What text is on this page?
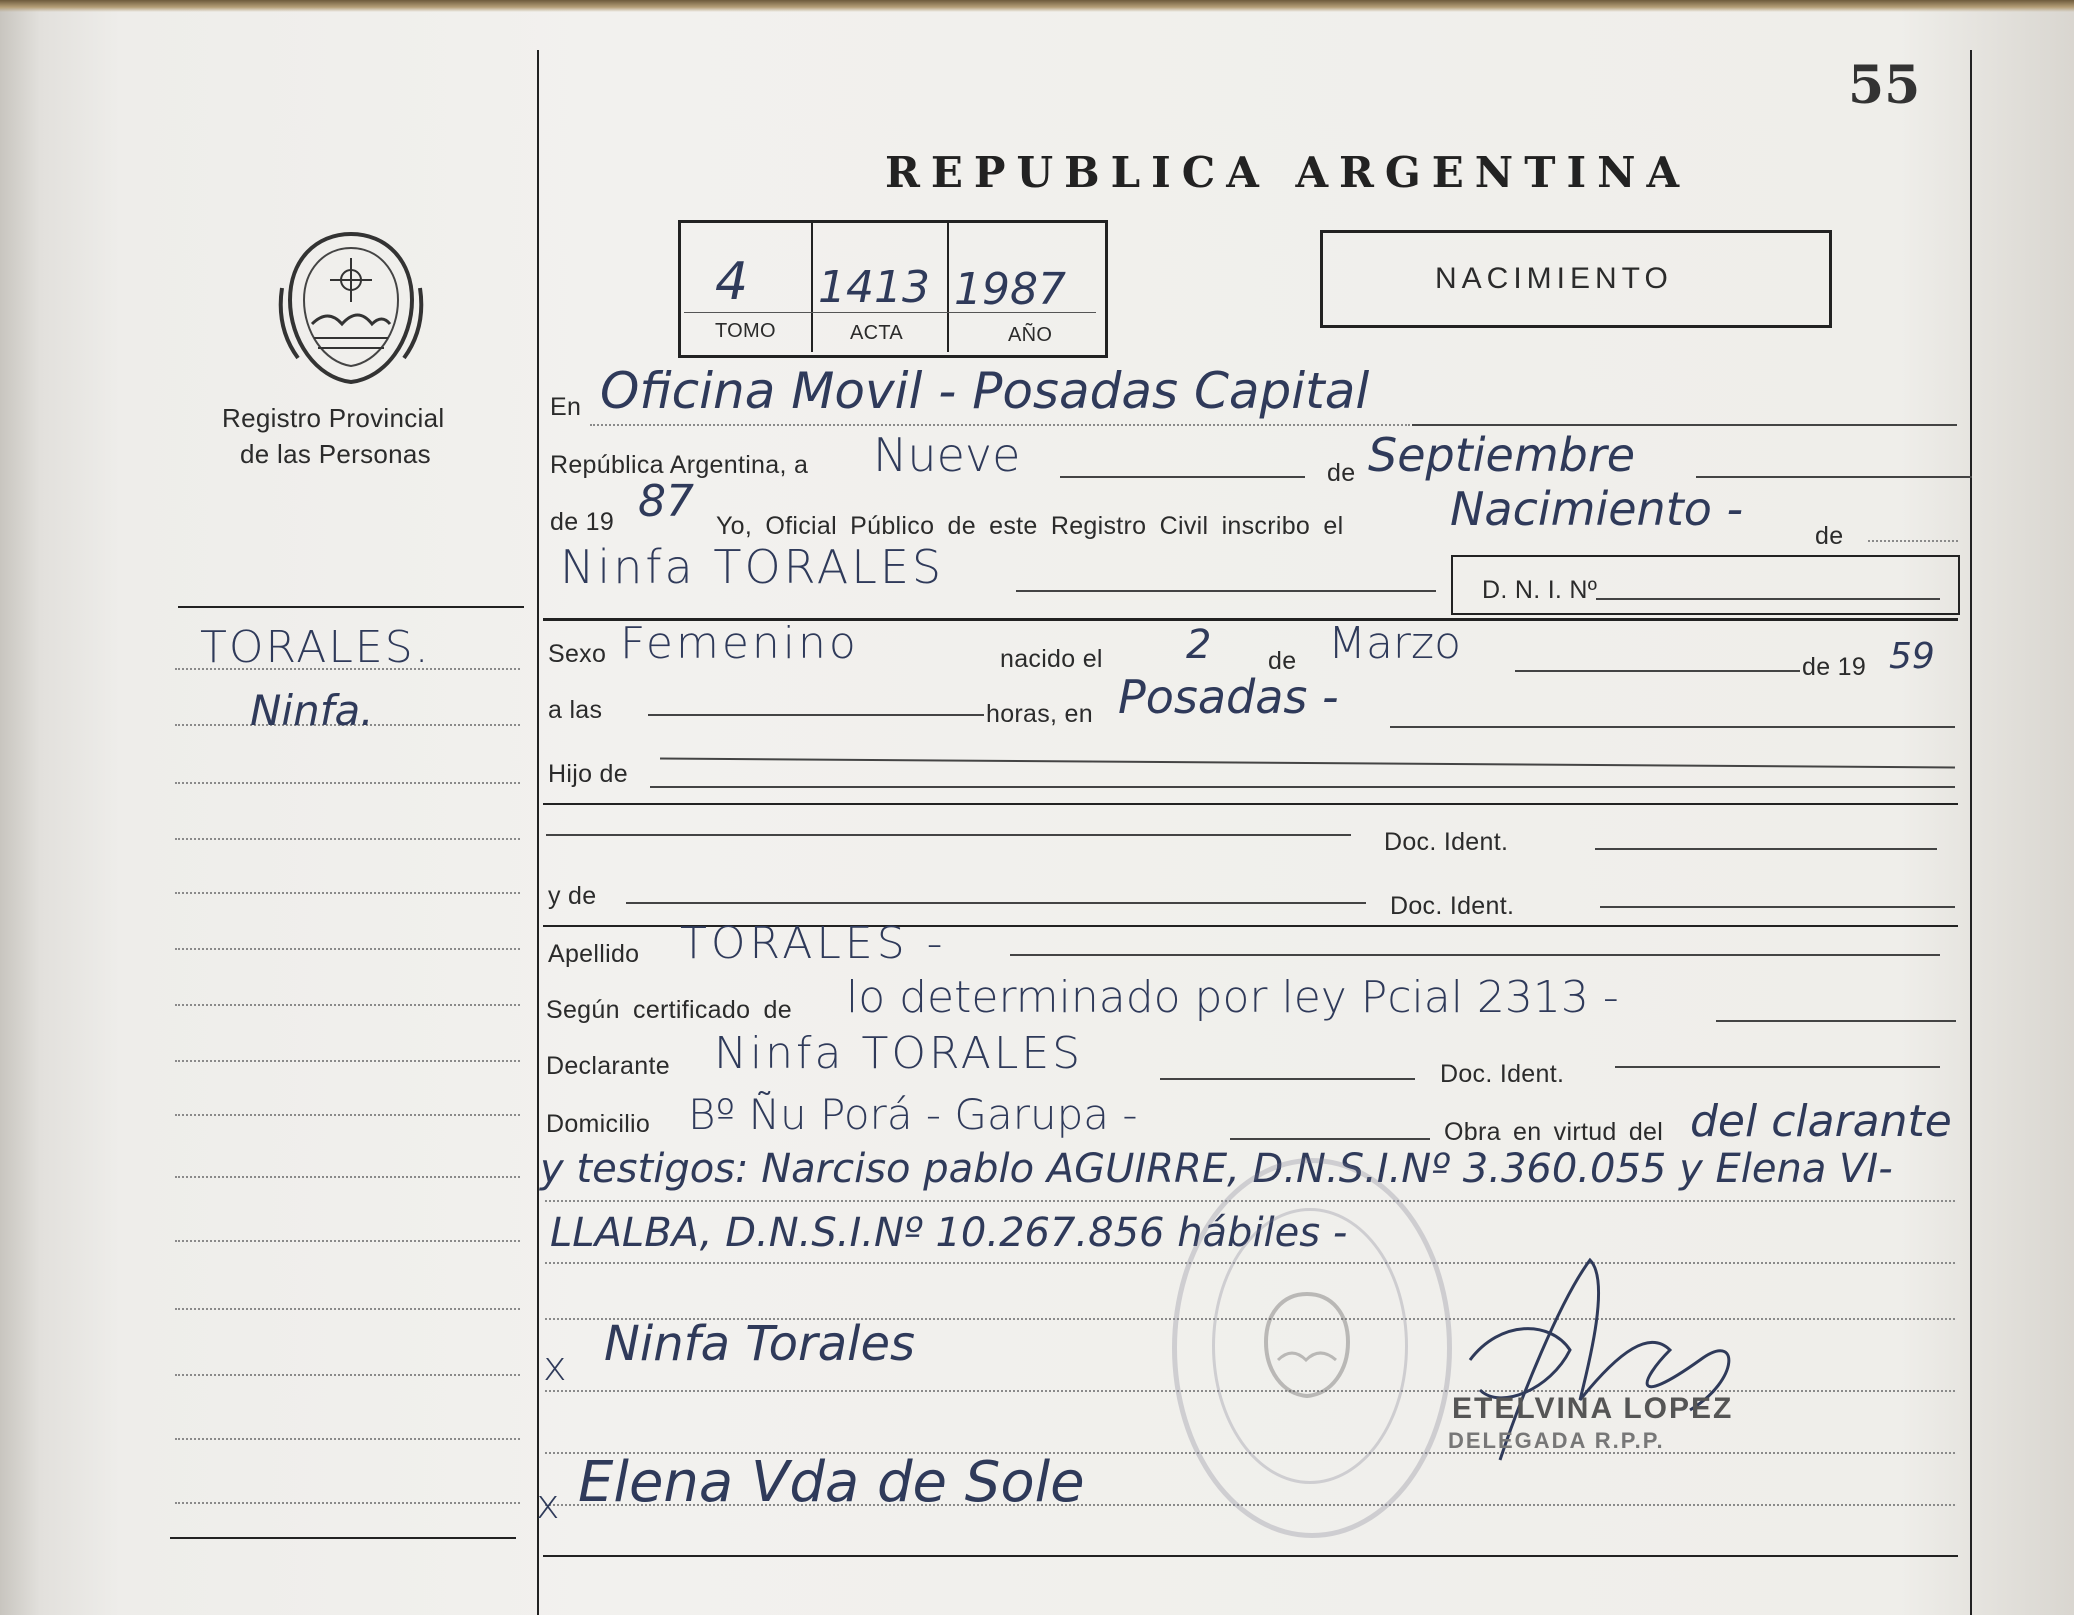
55
REPUBLICA ARGENTINA
Registro Provincial
de las Personas
4 1413 1987
TOMO	ACTA	AÑO
NACIMIENTO
TORALES.
Ninfa.
En Oficina Movil - Posadas Capital
República Argentina, a Nueve	de Septiembre
de 19 87 Yo, Oficial Público de este Registro Civil inscribo el Nacimiento -	de
Ninfa TORALES	D. N. I. Nº
Sexo Femenino	nacido el 2 de Marzo	de 19 59
a las	horas, en Posadas -
Hijo de
Doc. Ident.
y de	Doc. Ident.
Apellido TORALES -
Según certificado de lo determinado por ley Pcial 2313 -
Declarante Ninfa TORALES	Doc. Ident.
Domicilio Bº Ñu Porá - Garupa -	Obra en virtud del del clarante
y testigos: Narciso pablo AGUIRRE, D.N.S.I.Nº 3.360.055 y Elena VI-
LLALBA, D.N.S.I.Nº 10.267.856 hábiles -
x Ninfa Torales
x Elena Vda de Sole
ETELVINA LOPEZ
DELEGADA R.P.P.
